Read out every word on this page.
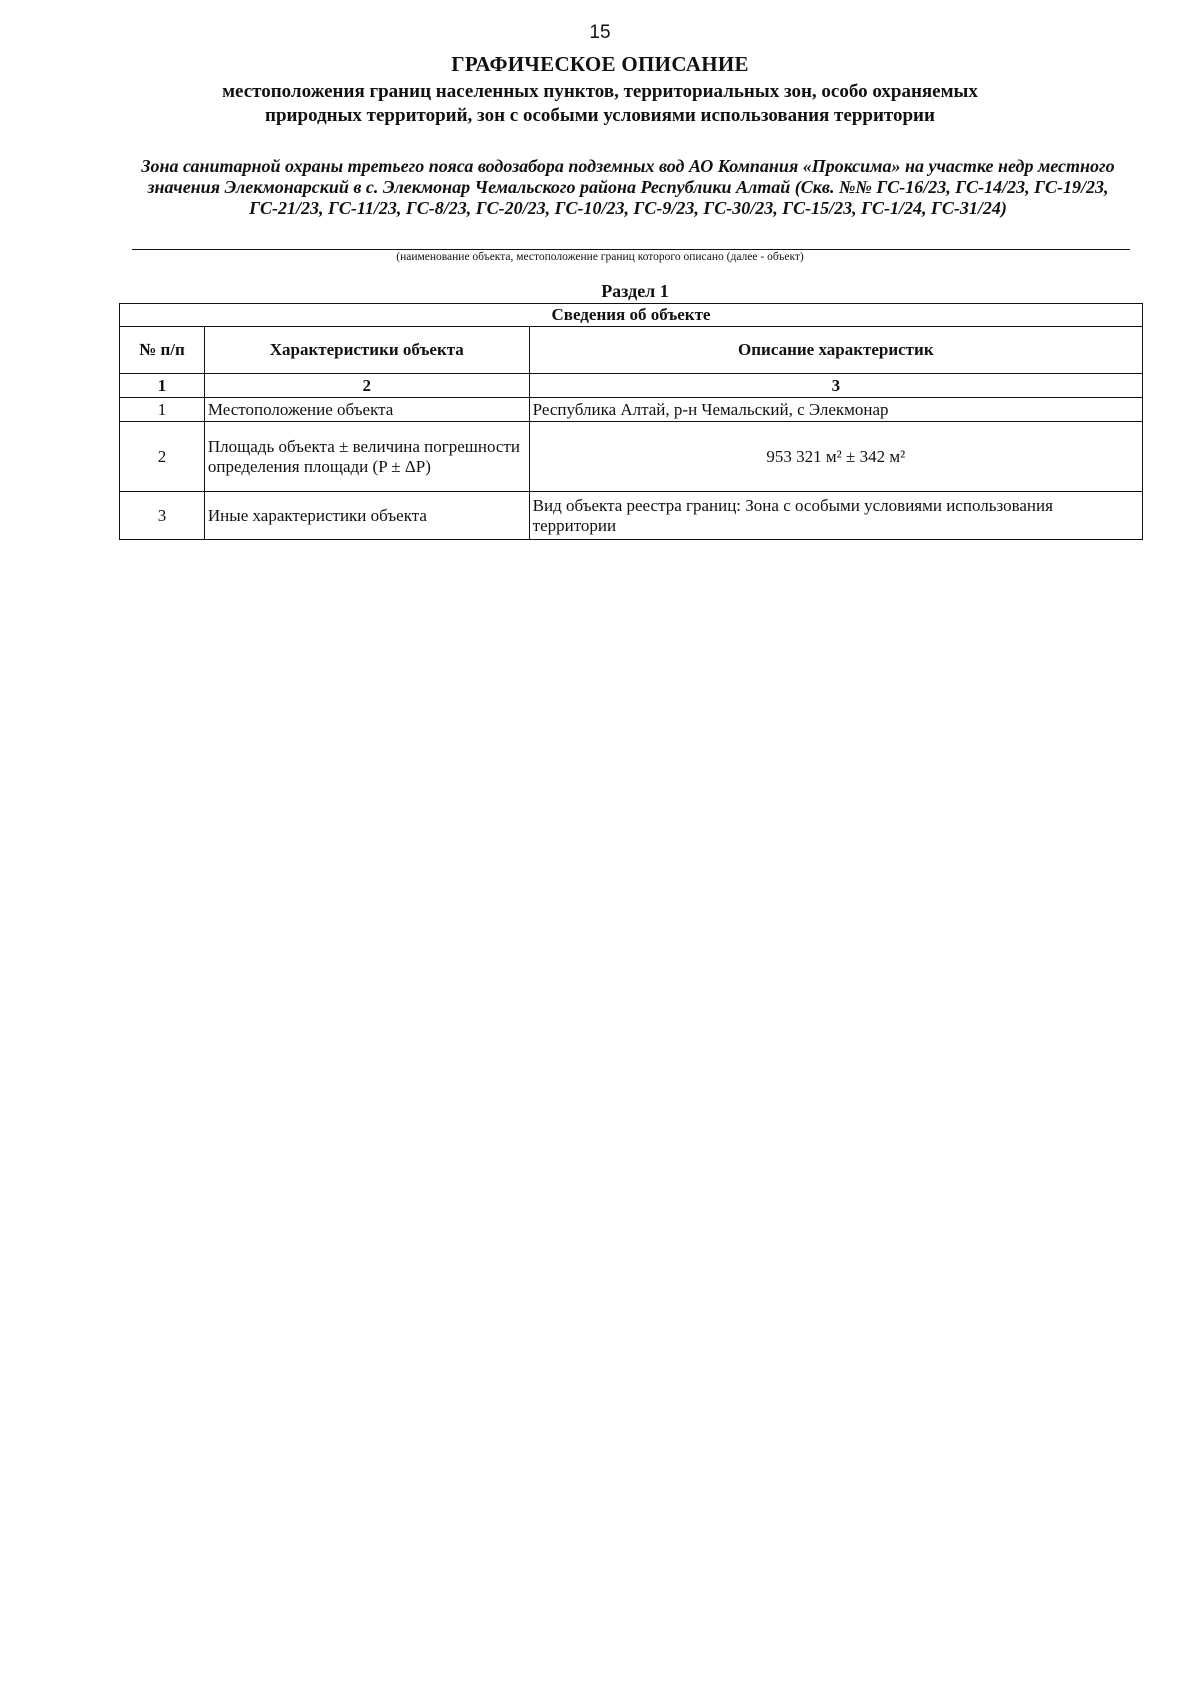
15
ГРАФИЧЕСКОЕ ОПИСАНИЕ
местоположения границ населенных пунктов, территориальных зон, особо охраняемых природных территорий, зон с особыми условиями использования территории
Зона санитарной охраны третьего пояса водозабора подземных вод АО Компания «Проксима» на участке недр местного значения Элекмонарский в с. Элекмонар Чемальского района Республики Алтай (Скв. №№ ГС-16/23, ГС-14/23, ГС-19/23, ГС-21/23, ГС-11/23, ГС-8/23, ГС-20/23, ГС-10/23, ГС-9/23, ГС-30/23, ГС-15/23, ГС-1/24, ГС-31/24)
(наименование объекта, местоположение границ которого описано (далее - объект)
Раздел 1
Сведения об объекте		
№ п/п	Характеристики объекта	Описание характеристик
1	2	3
1	Местоположение объекта	Республика Алтай, р-н Чемальский, с Элекмонар
2	Площадь объекта ± величина погрешности определения площади (P ± ΔP)	953 321 м² ± 342 м²
3	Иные характеристики объекта	Вид объекта реестра границ: Зона с особыми условиями использования территории
